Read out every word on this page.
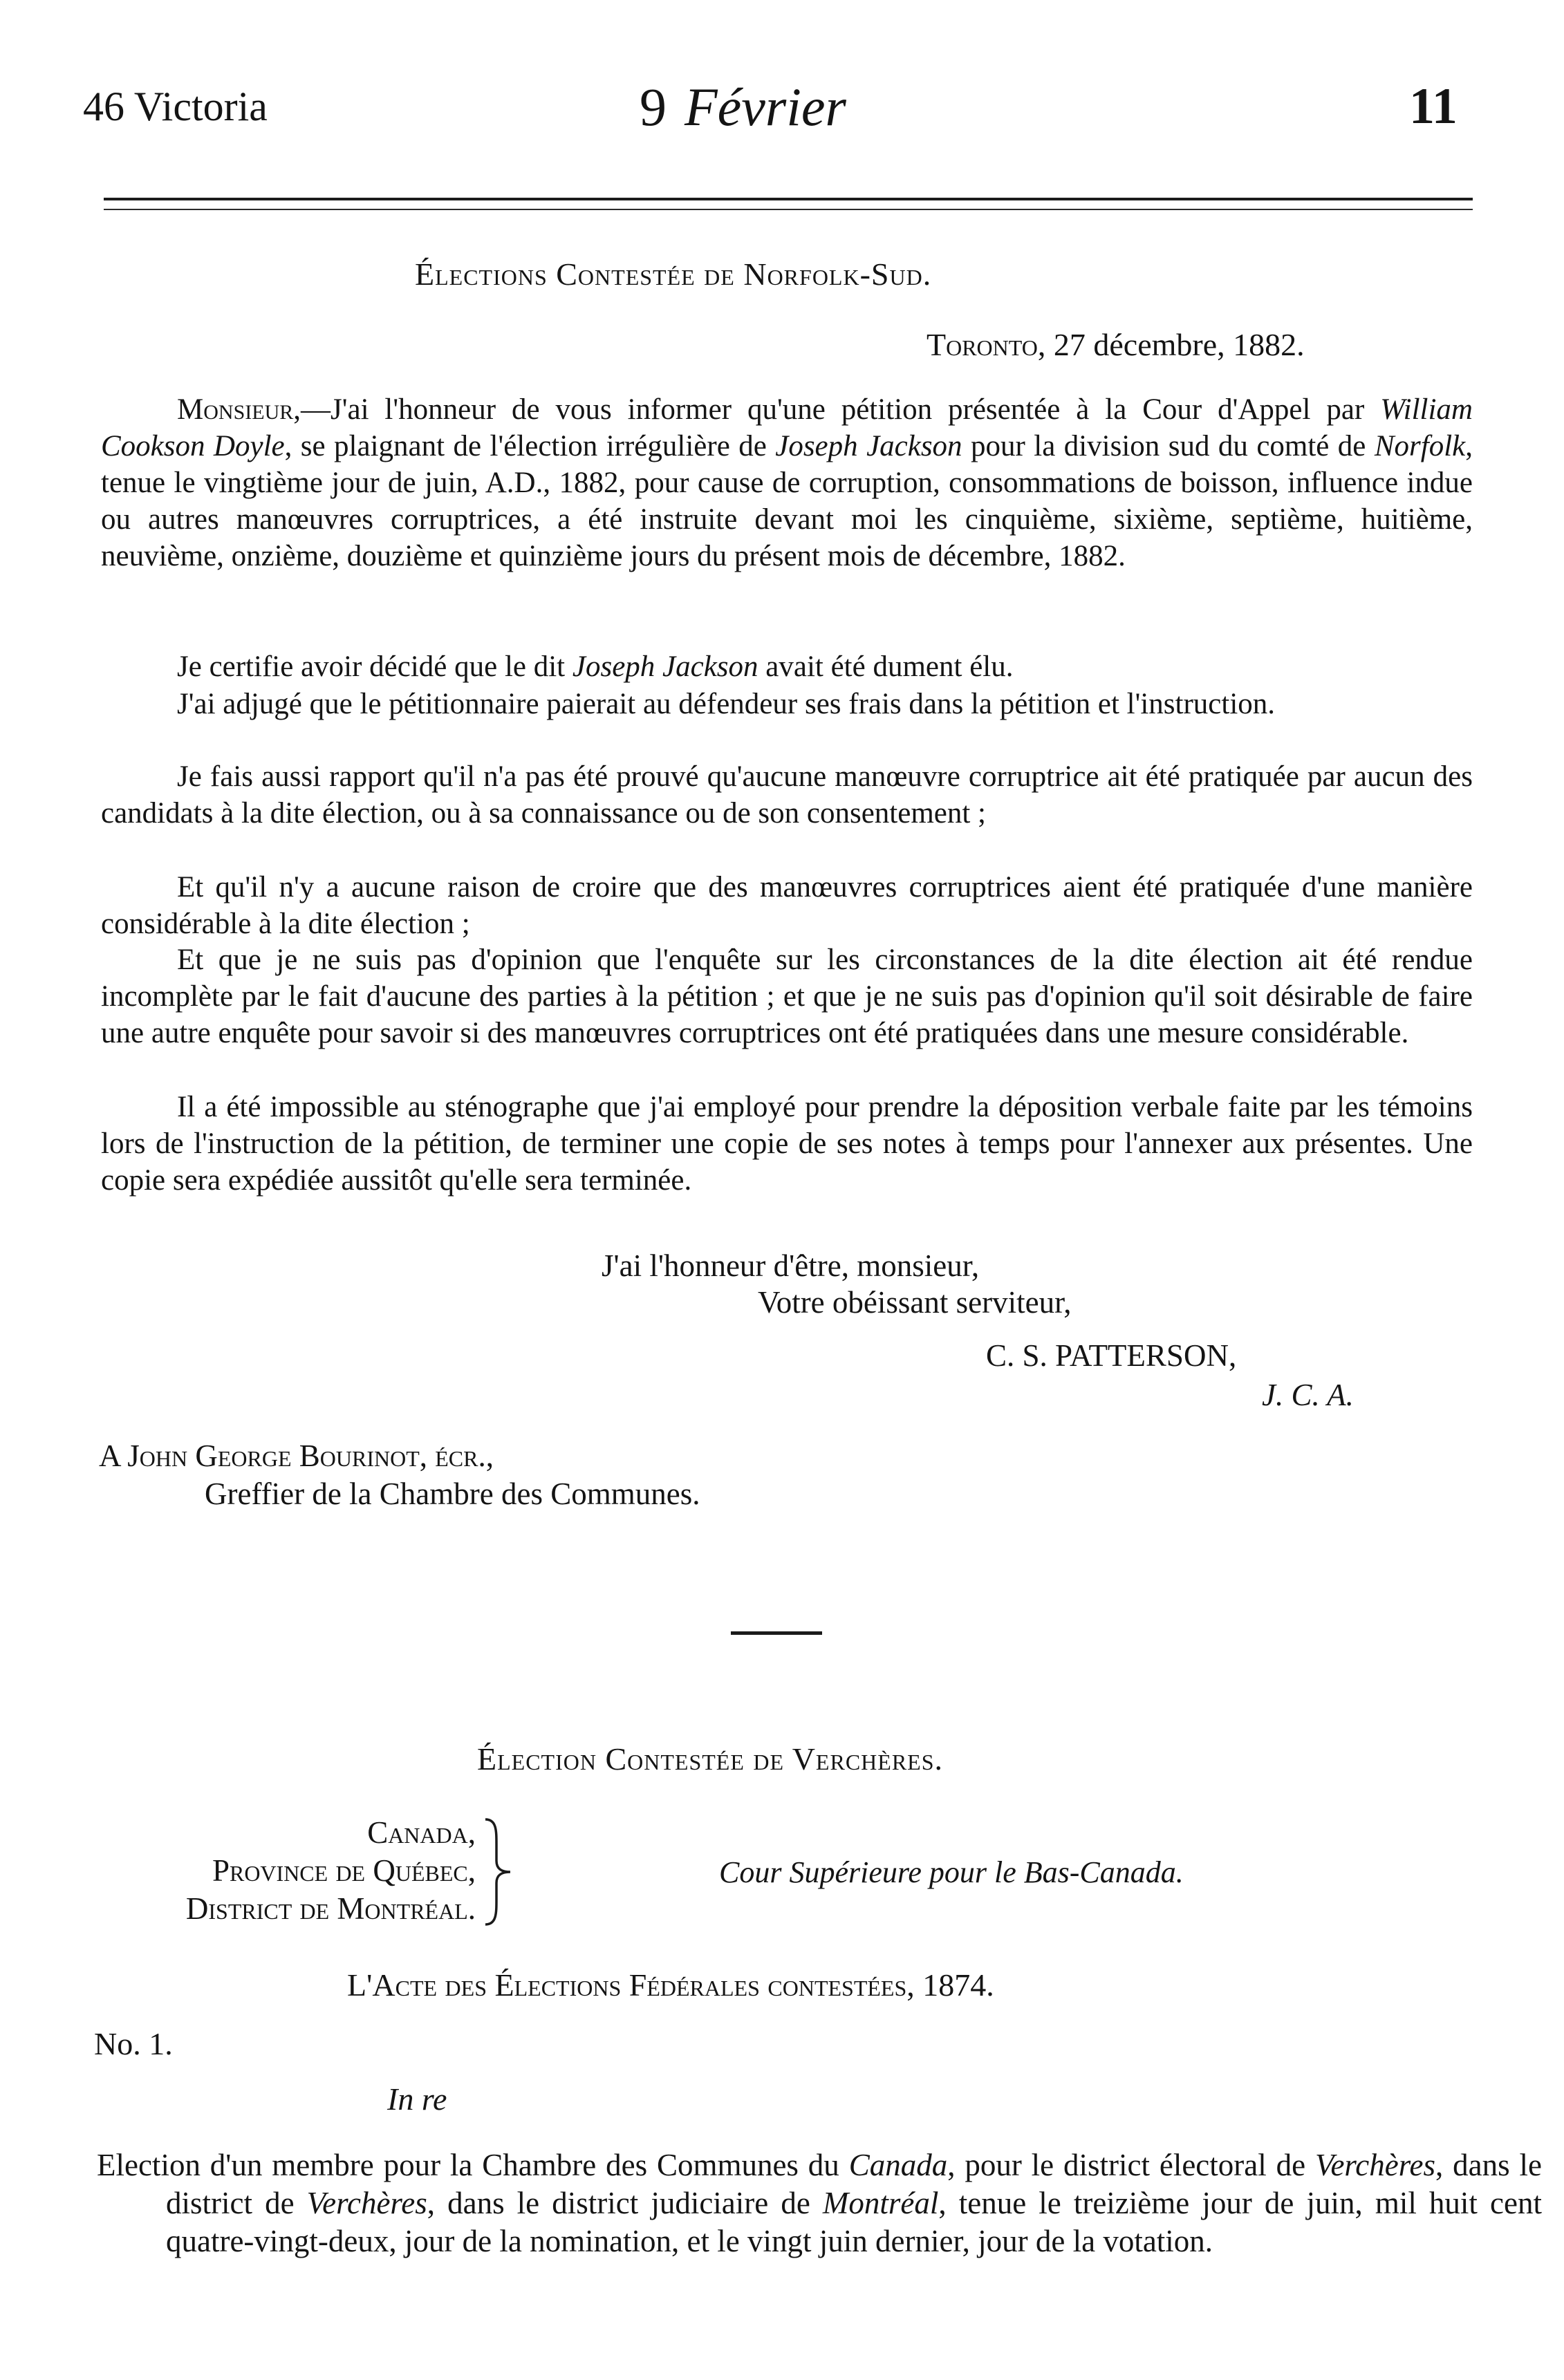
46 Victoria	9 Février	11
Élections Contestée de Norfolk-Sud.
Toronto, 27 décembre, 1882.

Monsieur,—J'ai l'honneur de vous informer qu'une pétition présentée à la Cour d'Appel par William Cookson Doyle, se plaignant de l'élection irrégulière de Joseph Jackson pour la division sud du comté de Norfolk, tenue le vingtième jour de juin, A.D., 1882, pour cause de corruption, consommations de boisson, influence indue ou autres manœuvres corruptrices, a été instruite devant moi les cinquième, sixième, septième, huitième, neuvième, onzième, douzième et quinzième jours du présent mois de décembre, 1882.

Je certifie avoir décidé que le dit Joseph Jackson avait été dument élu.

J'ai adjugé que le pétitionnaire paierait au défendeur ses frais dans la pétition et l'instruction.

Je fais aussi rapport qu'il n'a pas été prouvé qu'aucune manœuvre corruptrice ait été pratiquée par aucun des candidats à la dite élection, ou à sa connaissance ou de son consentement ;

Et qu'il n'y a aucune raison de croire que des manœuvres corruptrices aient été pratiquée d'une manière considérable à la dite élection ;

Et que je ne suis pas d'opinion que l'enquête sur les circonstances de la dite élection ait été rendue incomplète par le fait d'aucune des parties à la pétition ; et que je ne suis pas d'opinion qu'il soit désirable de faire une autre enquête pour savoir si des manœuvres corruptrices ont été pratiquées dans une mesure considérable.

Il a été impossible au sténographe que j'ai employé pour prendre la déposition verbale faite par les témoins lors de l'instruction de la pétition, de terminer une copie de ses notes à temps pour l'annexer aux présentes. Une copie sera expédiée aussitôt qu'elle sera terminée.

J'ai l'honneur d'être, monsieur,
Votre obéissant serviteur,
C. S. PATTERSON,
J. C. A.
A John George Bourinot, écr.,
Greffier de la Chambre des Communes.
Élection Contestée de Verchères.
Canada,
Province de Québec,
District de Montréal.
Cour Supérieure pour le Bas-Canada.
L'Acte des Élections Fédérales contestées, 1874.
No. 1.
In re

Election d'un membre pour la Chambre des Communes du Canada, pour le district électoral de Verchères, dans le district de Verchères, dans le district judiciaire de Montréal, tenue le treizième jour de juin, mil huit cent quatre-vingt-deux, jour de la nomination, et le vingt juin dernier, jour de la votation.
